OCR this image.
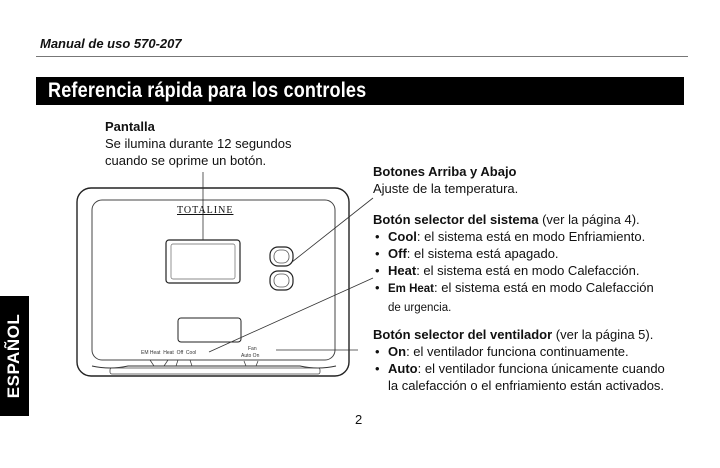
Manual de uso 570-207
Referencia rápida para los controles
TOTALINE
EM Heat  Heat  Off  Cool
Fan
Auto On
Pantalla
Se ilumina durante 12 segundos
cuando se oprime un botón.
Botones Arriba y Abajo
Ajuste de la temperatura.
Botón selector del sistema (ver la página 4).
• Cool: el sistema está en modo Enfriamiento.
• Off: el sistema está apagado.
• Heat: el sistema está en modo Calefacción.
• Em Heat: el sistema está en modo Calefacción
de urgencia.
Botón selector del ventilador (ver la página 5).
• On: el ventilador funciona continuamente.
• Auto: el ventilador funciona únicamente cuando
la calefacción o el enfriamiento están activados.
ESPAÑOL
2
